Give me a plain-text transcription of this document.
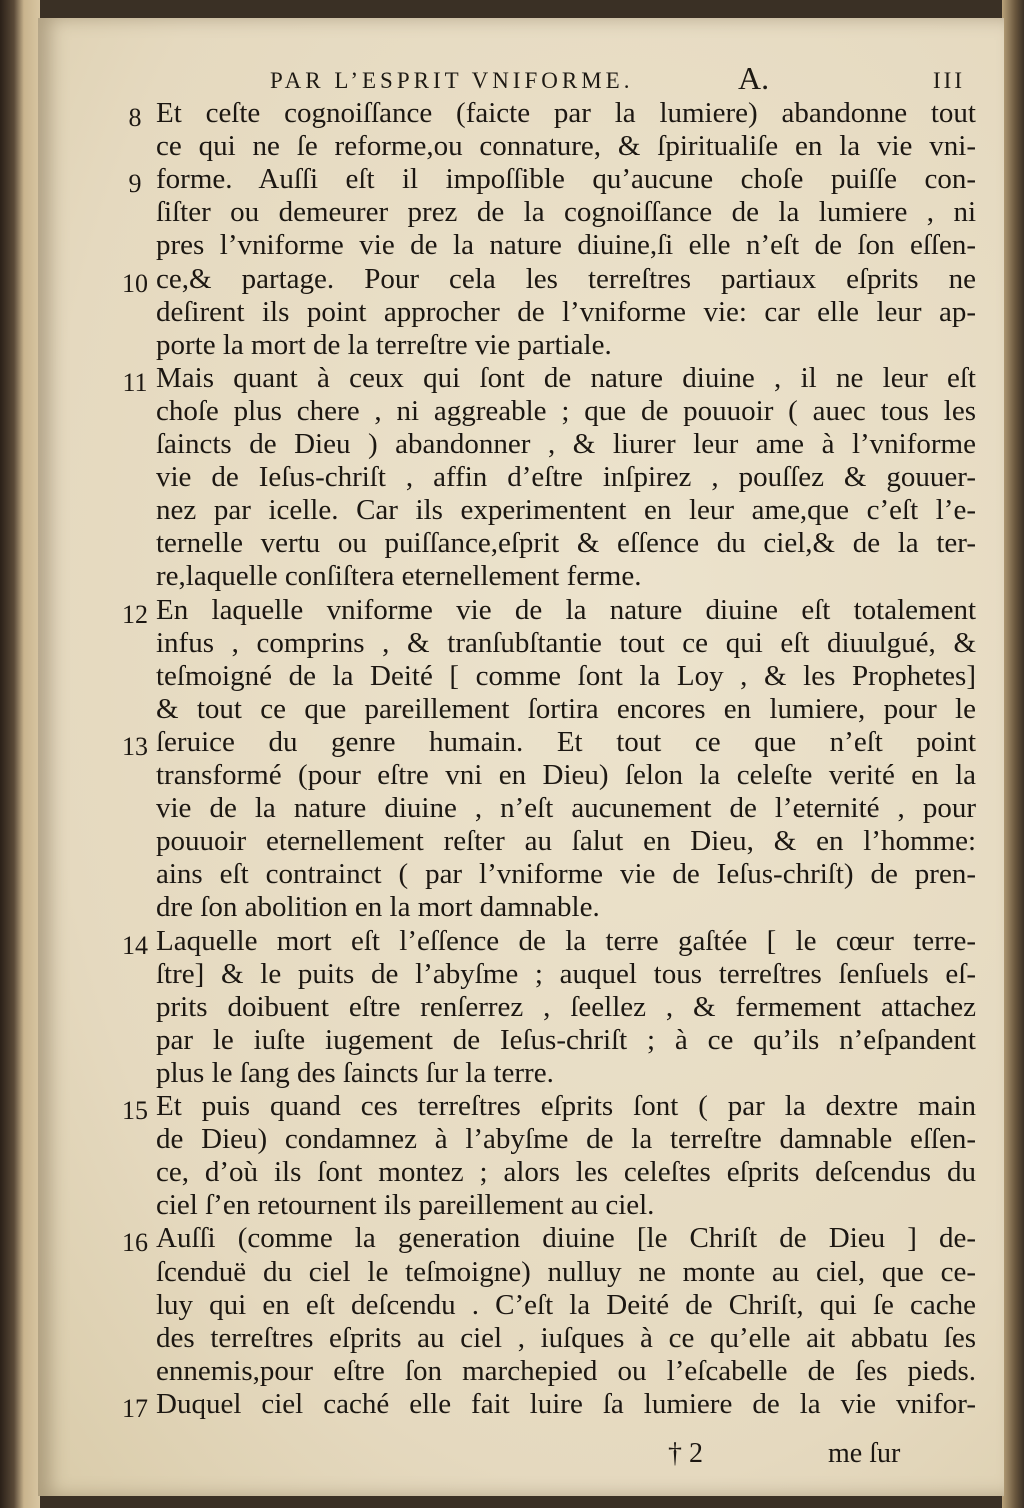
PAR L’ESPRIT VNIFORME.	A.	III
Et ceſte cognoiſſance (faicte par la lumiere) abandonne tout
ce qui ne ſe reforme,ou connature, & ſpiritualiſe en la vie vni-
forme. Auſſi eſt il impoſſible qu’aucune choſe puiſſe con-
ſiſter ou demeurer prez de la cognoiſſance de la lumiere , ni
pres l’vniforme vie de la nature diuine,ſi elle n’eſt de ſon eſſen-
ce,& partage. Pour cela les terreſtres partiaux eſprits ne
deſirent ils point approcher de l’vniforme vie: car elle leur ap-
porte la mort de la terreſtre vie partiale.
Mais quant à ceux qui ſont de nature diuine , il ne leur eſt
choſe plus chere , ni aggreable ; que de pouuoir ( auec tous les
ſaincts de Dieu ) abandonner , & liurer leur ame à l’vniforme
vie de Ieſus-chriſt , affin d’eſtre inſpirez , pouſſez & gouuer-
nez par icelle. Car ils experimentent en leur ame,que c’eſt l’e-
ternelle vertu ou puiſſance,eſprit & eſſence du ciel,& de la ter-
re,laquelle conſiſtera eternellement ferme.
En laquelle vniforme vie de la nature diuine eſt totalement
infus , comprins , & tranſubſtantie tout ce qui eſt diuulgué, &
teſmoigné de la Deité [ comme ſont la Loy , & les Prophetes]
& tout ce que pareillement ſortira encores en lumiere, pour le
ſeruice du genre humain. Et tout ce que n’eſt point
transformé (pour eſtre vni en Dieu) ſelon la celeſte verité en la
vie de la nature diuine , n’eſt aucunement de l’eternité , pour
pouuoir eternellement reſter au ſalut en Dieu, & en l’homme:
ains eſt contrainct ( par l’vniforme vie de Ieſus-chriſt) de pren-
dre ſon abolition en la mort damnable.
Laquelle mort eſt l’eſſence de la terre gaſtée [ le cœur terre-
ſtre] & le puits de l’abyſme ; auquel tous terreſtres ſenſuels eſ-
prits doibuent eſtre renſerrez , ſeellez , & fermement attachez
par le iuſte iugement de Ieſus-chriſt ; à ce qu’ils n’eſpandent
plus le ſang des ſaincts ſur la terre.
Et puis quand ces terreſtres eſprits ſont ( par la dextre main
de Dieu) condamnez à l’abyſme de la terreſtre damnable eſſen-
ce, d’où ils ſont montez ; alors les celeſtes eſprits deſcendus du
ciel ſ’en retournent ils pareillement au ciel.
Auſſi (comme la generation diuine [le Chriſt de Dieu ] de-
ſcenduë du ciel le teſmoigne) nulluy ne monte au ciel, que ce-
luy qui en eſt deſcendu . C’eſt la Deité de Chriſt, qui ſe cache
des terreſtres eſprits au ciel , iuſques à ce qu’elle ait abbatu ſes
ennemis,pour eſtre ſon marchepied ou l’eſcabelle de ſes pieds.
Duquel ciel caché elle fait luire ſa lumiere de la vie vnifor-
8
9
10
11
12
13
14
15
16
17
† 2	me ſur
